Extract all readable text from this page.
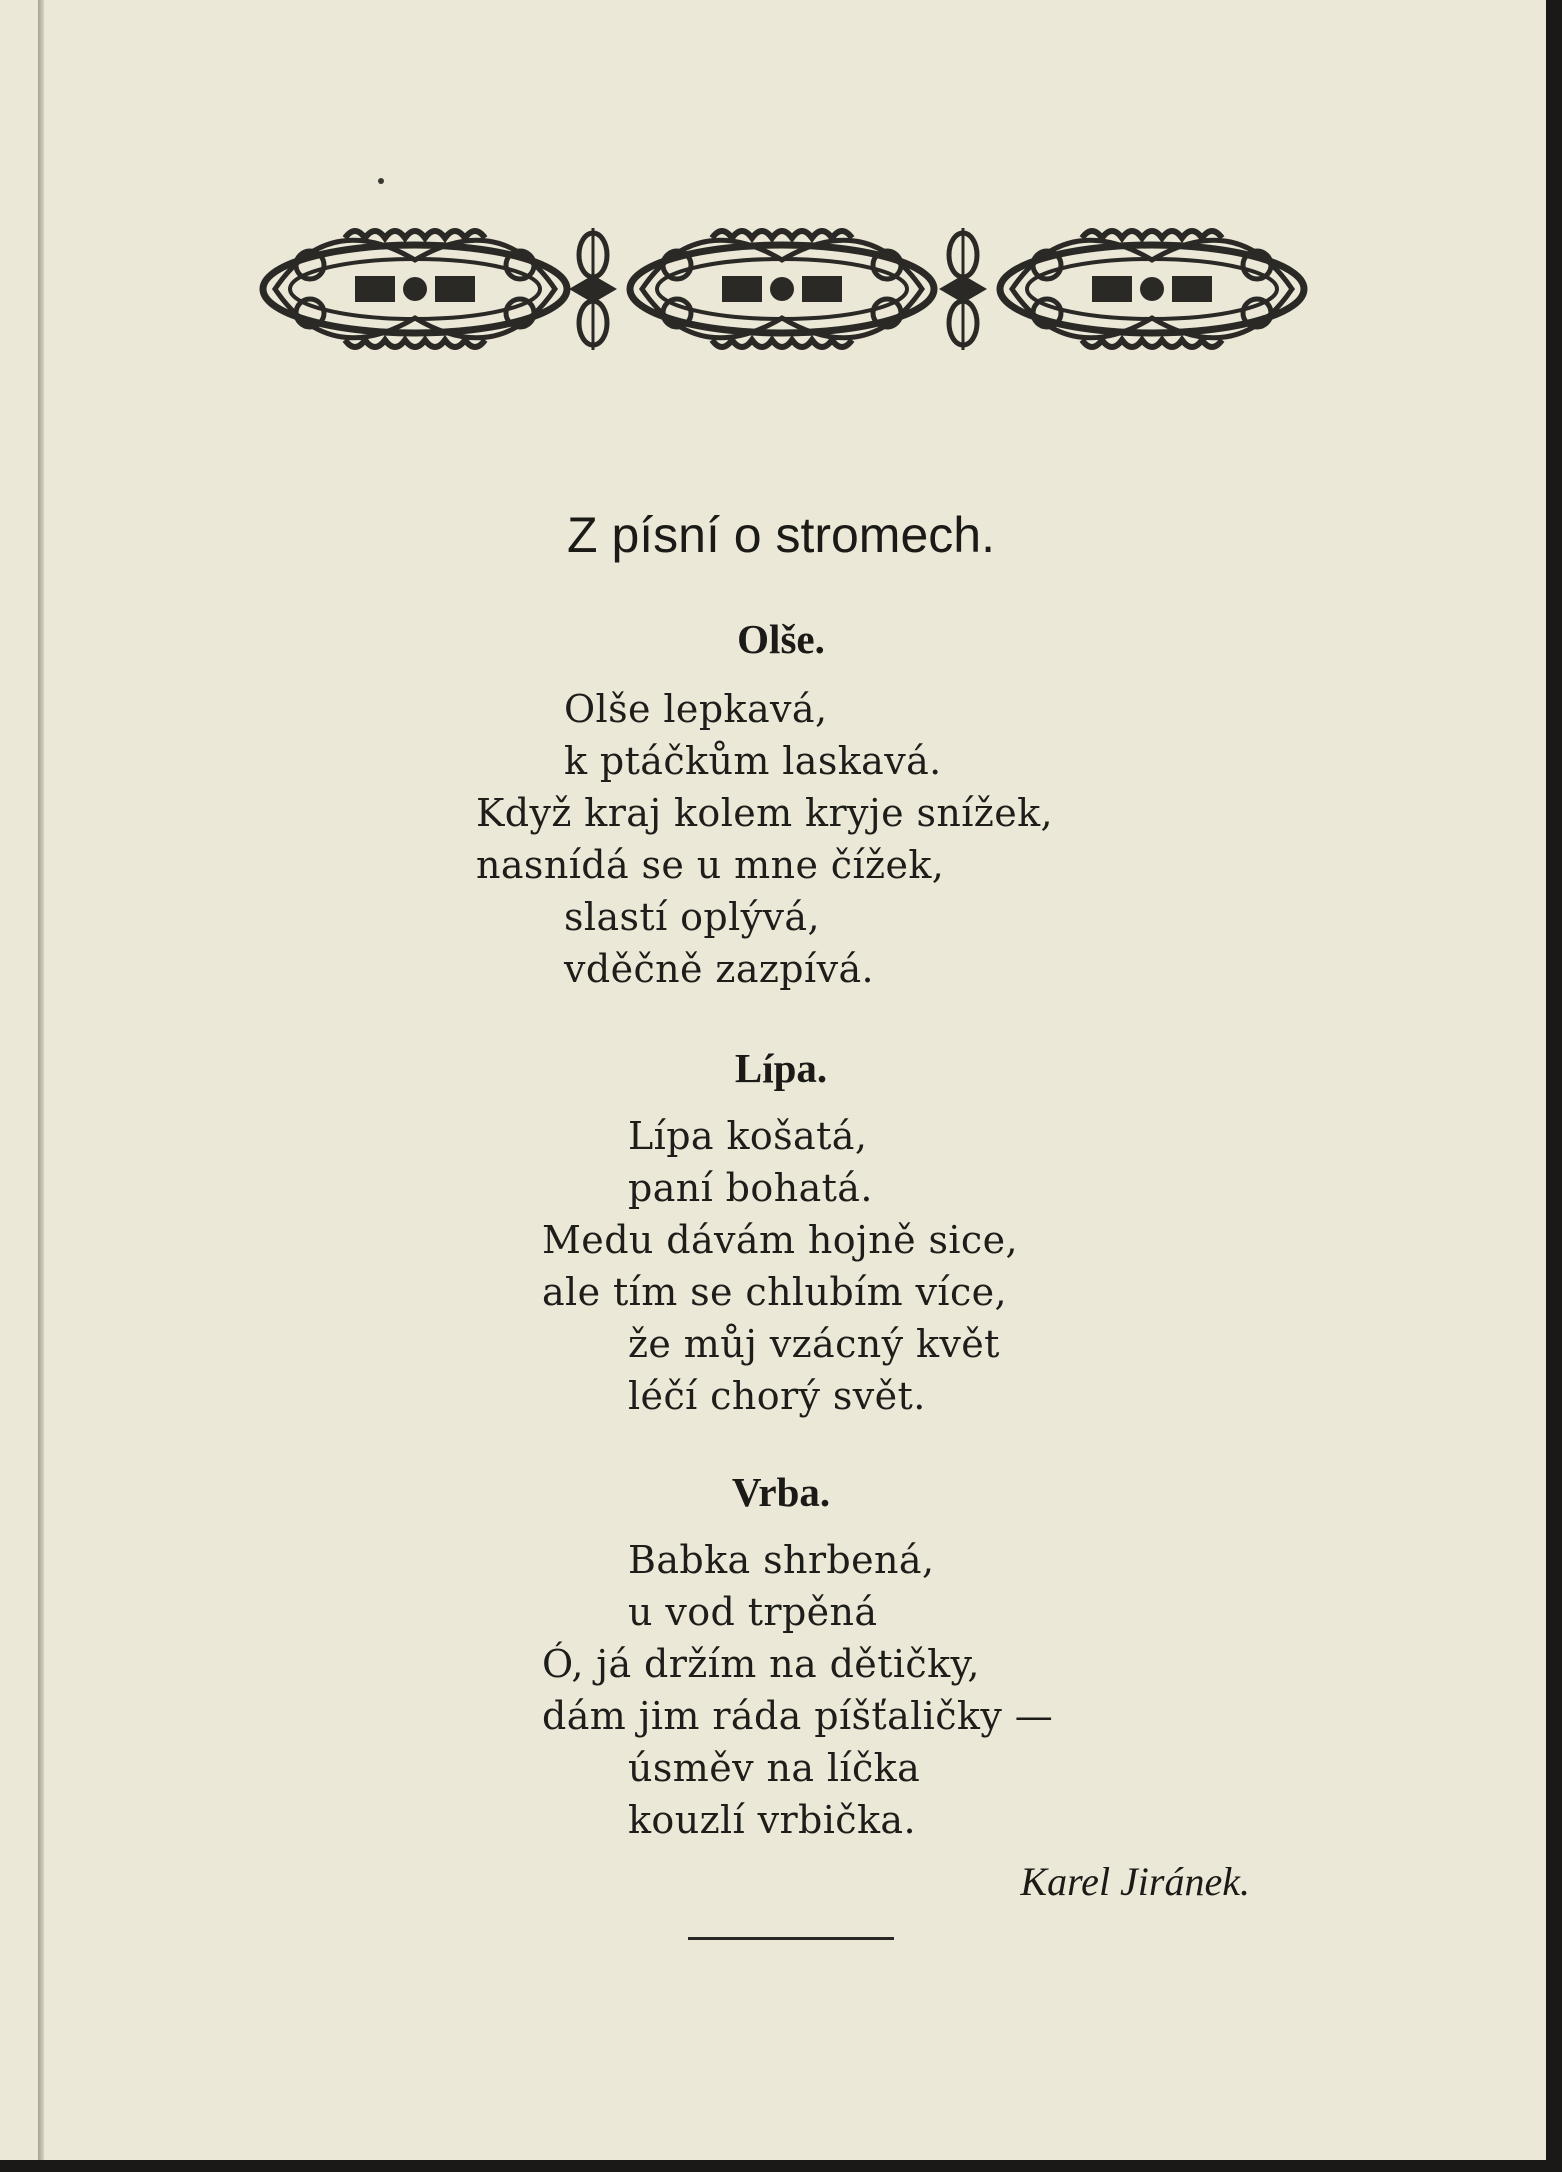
Z písní o stromech.
Olše.
Olše lepkavá,
k ptáčkům laskavá.
Když kraj kolem kryje snížek,
nasnídá se u mne čížek,
slastí oplývá,
vděčně zazpívá.
Lípa.
Lípa košatá,
paní bohatá.
Medu dávám hojně sice,
ale tím se chlubím více,
že můj vzácný květ
léčí chorý svět.
Vrba.
Babka shrbená,
u vod trpěná
Ó, já držím na dětičky,
dám jim ráda píšťaličky —
úsměv na líčka
kouzlí vrbička.
Karel Jiránek.
